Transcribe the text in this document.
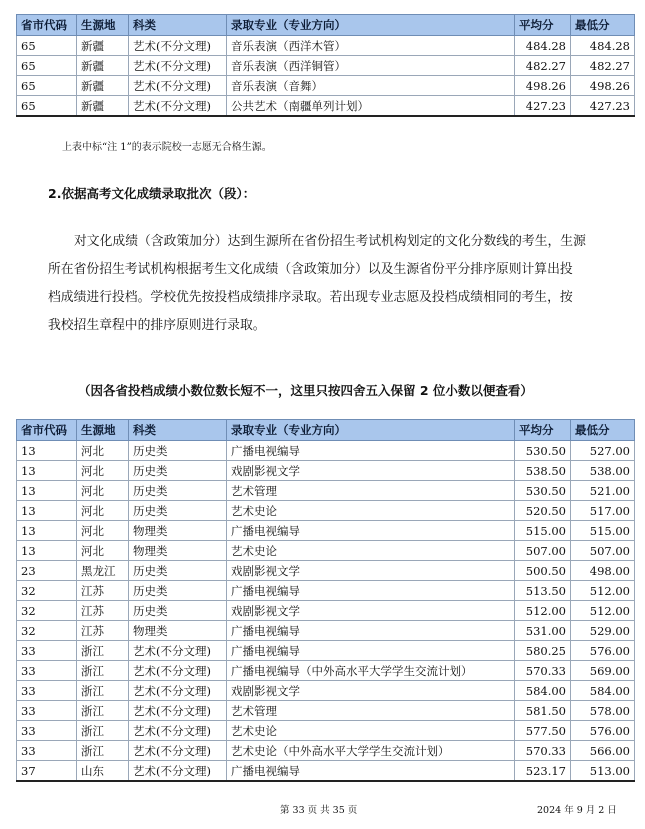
省市代码	生源地	科类	录取专业（专业方向）	平均分	最低分
65	新疆	艺术(不分文理)	音乐表演（西洋木管）	484.28	484.28
65	新疆	艺术(不分文理)	音乐表演（西洋铜管）	482.27	482.27
65	新疆	艺术(不分文理)	音乐表演（音舞）	498.26	498.26
65	新疆	艺术(不分文理)	公共艺术（南疆单列计划）	427.23	427.23
上表中标“注 1”的表示院校一志愿无合格生源。
2.依据高考文化成绩录取批次（段）：

对文化成绩（含政策加分）达到生源所在省份招生考试机构划定的文化分数线的考生，生源
所在省份招生考试机构根据考生文化成绩（含政策加分）以及生源省份平分排序原则计算出投
档成绩进行投档。学校优先按投档成绩排序录取。若出现专业志愿及投档成绩相同的考生，按
我校招生章程中的排序原则进行录取。

（因各省投档成绩小数位数长短不一，这里只按四舍五入保留 2 位小数以便查看）
省市代码	生源地	科类	录取专业（专业方向）	平均分	最低分
13	河北	历史类	广播电视编导	530.50	527.00
13	河北	历史类	戏剧影视文学	538.50	538.00
13	河北	历史类	艺术管理	530.50	521.00
13	河北	历史类	艺术史论	520.50	517.00
13	河北	物理类	广播电视编导	515.00	515.00
13	河北	物理类	艺术史论	507.00	507.00
23	黑龙江	历史类	戏剧影视文学	500.50	498.00
32	江苏	历史类	广播电视编导	513.50	512.00
32	江苏	历史类	戏剧影视文学	512.00	512.00
32	江苏	物理类	广播电视编导	531.00	529.00
33	浙江	艺术(不分文理)	广播电视编导	580.25	576.00
33	浙江	艺术(不分文理)	广播电视编导（中外高水平大学学生交流计划）	570.33	569.00
33	浙江	艺术(不分文理)	戏剧影视文学	584.00	584.00
33	浙江	艺术(不分文理)	艺术管理	581.50	578.00
33	浙江	艺术(不分文理)	艺术史论	577.50	576.00
33	浙江	艺术(不分文理)	艺术史论（中外高水平大学学生交流计划）	570.33	566.00
37	山东	艺术(不分文理)	广播电视编导	523.17	513.00
第 33 页 共 35 页	2024 年 9 月 2 日
